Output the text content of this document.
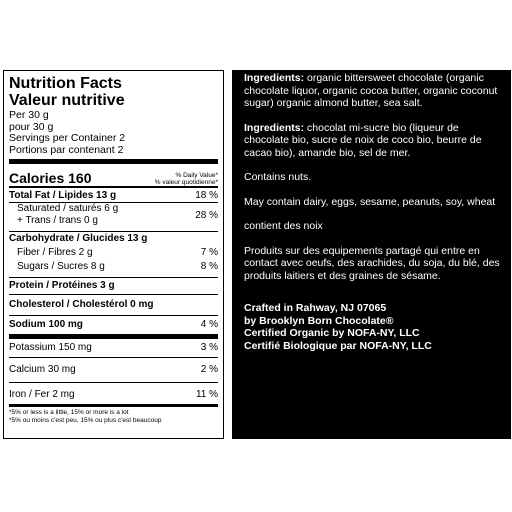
Nutrition Facts
Valeur nutritive
Per 30 g
pour 30 g
Servings per Container 2
Portions par contenant 2
Calories 160	% Daily Value*
% valeur quotidienne*
Total Fat / Lipides 13 g	18 %
Saturated / saturés 6 g
+ Trans / trans 0 g	28 %
Carbohydrate / Glucides 13 g
Fiber / Fibres 2 g	7 %
Sugars / Sucres 8 g	8 %
Protein / Protéines 3 g
Cholesterol / Cholestérol 0 mg
Sodium 100 mg	4 %
Potassium 150 mg	3 %
Calcium 30 mg	2 %
Iron / Fer 2 mg	11 %
*5% or less is a little, 15% or more is a lot
*5% ou moins c'est peu, 15% ou plus c'est beaucoup

Ingredients: organic bittersweet chocolate (organic chocolate liquor, organic cocoa butter, organic coconut sugar) organic almond butter, sea salt.

Ingredients: chocolat mi-sucre bio (liqueur de chocolate bio, sucre de noix de coco bio, beurre de cacao bio), amande bio, sel de mer.

Contains nuts.

May contain dairy, eggs, sesame, peanuts, soy, wheat

contient des noix

Produits sur des equipements partagé qui entre en contact avec oeufs, des arachides, du soja, du blé, des produits laitiers et des graines de sésame.

Crafted in Rahway, NJ 07065

by Brooklyn Born Chocolate®

Certified Organic by NOFA-NY, LLC

Certifié Biologique par NOFA-NY, LLC
